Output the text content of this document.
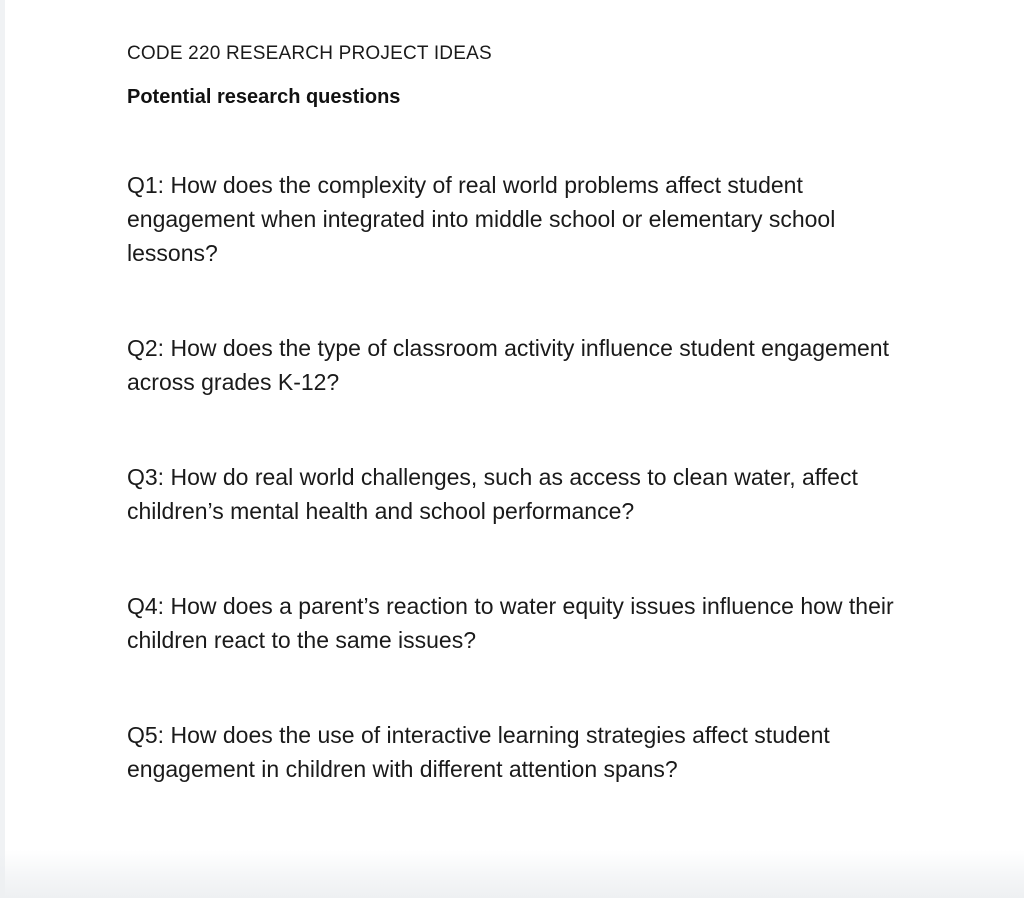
CODE 220 RESEARCH PROJECT IDEAS
Potential research questions
Q1: How does the complexity of real world problems affect student
engagement when integrated into middle school or elementary school
lessons?
Q2: How does the type of classroom activity influence student engagement
across grades K-12?
Q3: How do real world challenges, such as access to clean water, affect
children’s mental health and school performance?
Q4: How does a parent’s reaction to water equity issues influence how their
children react to the same issues?
Q5: How does the use of interactive learning strategies affect student
engagement in children with different attention spans?
